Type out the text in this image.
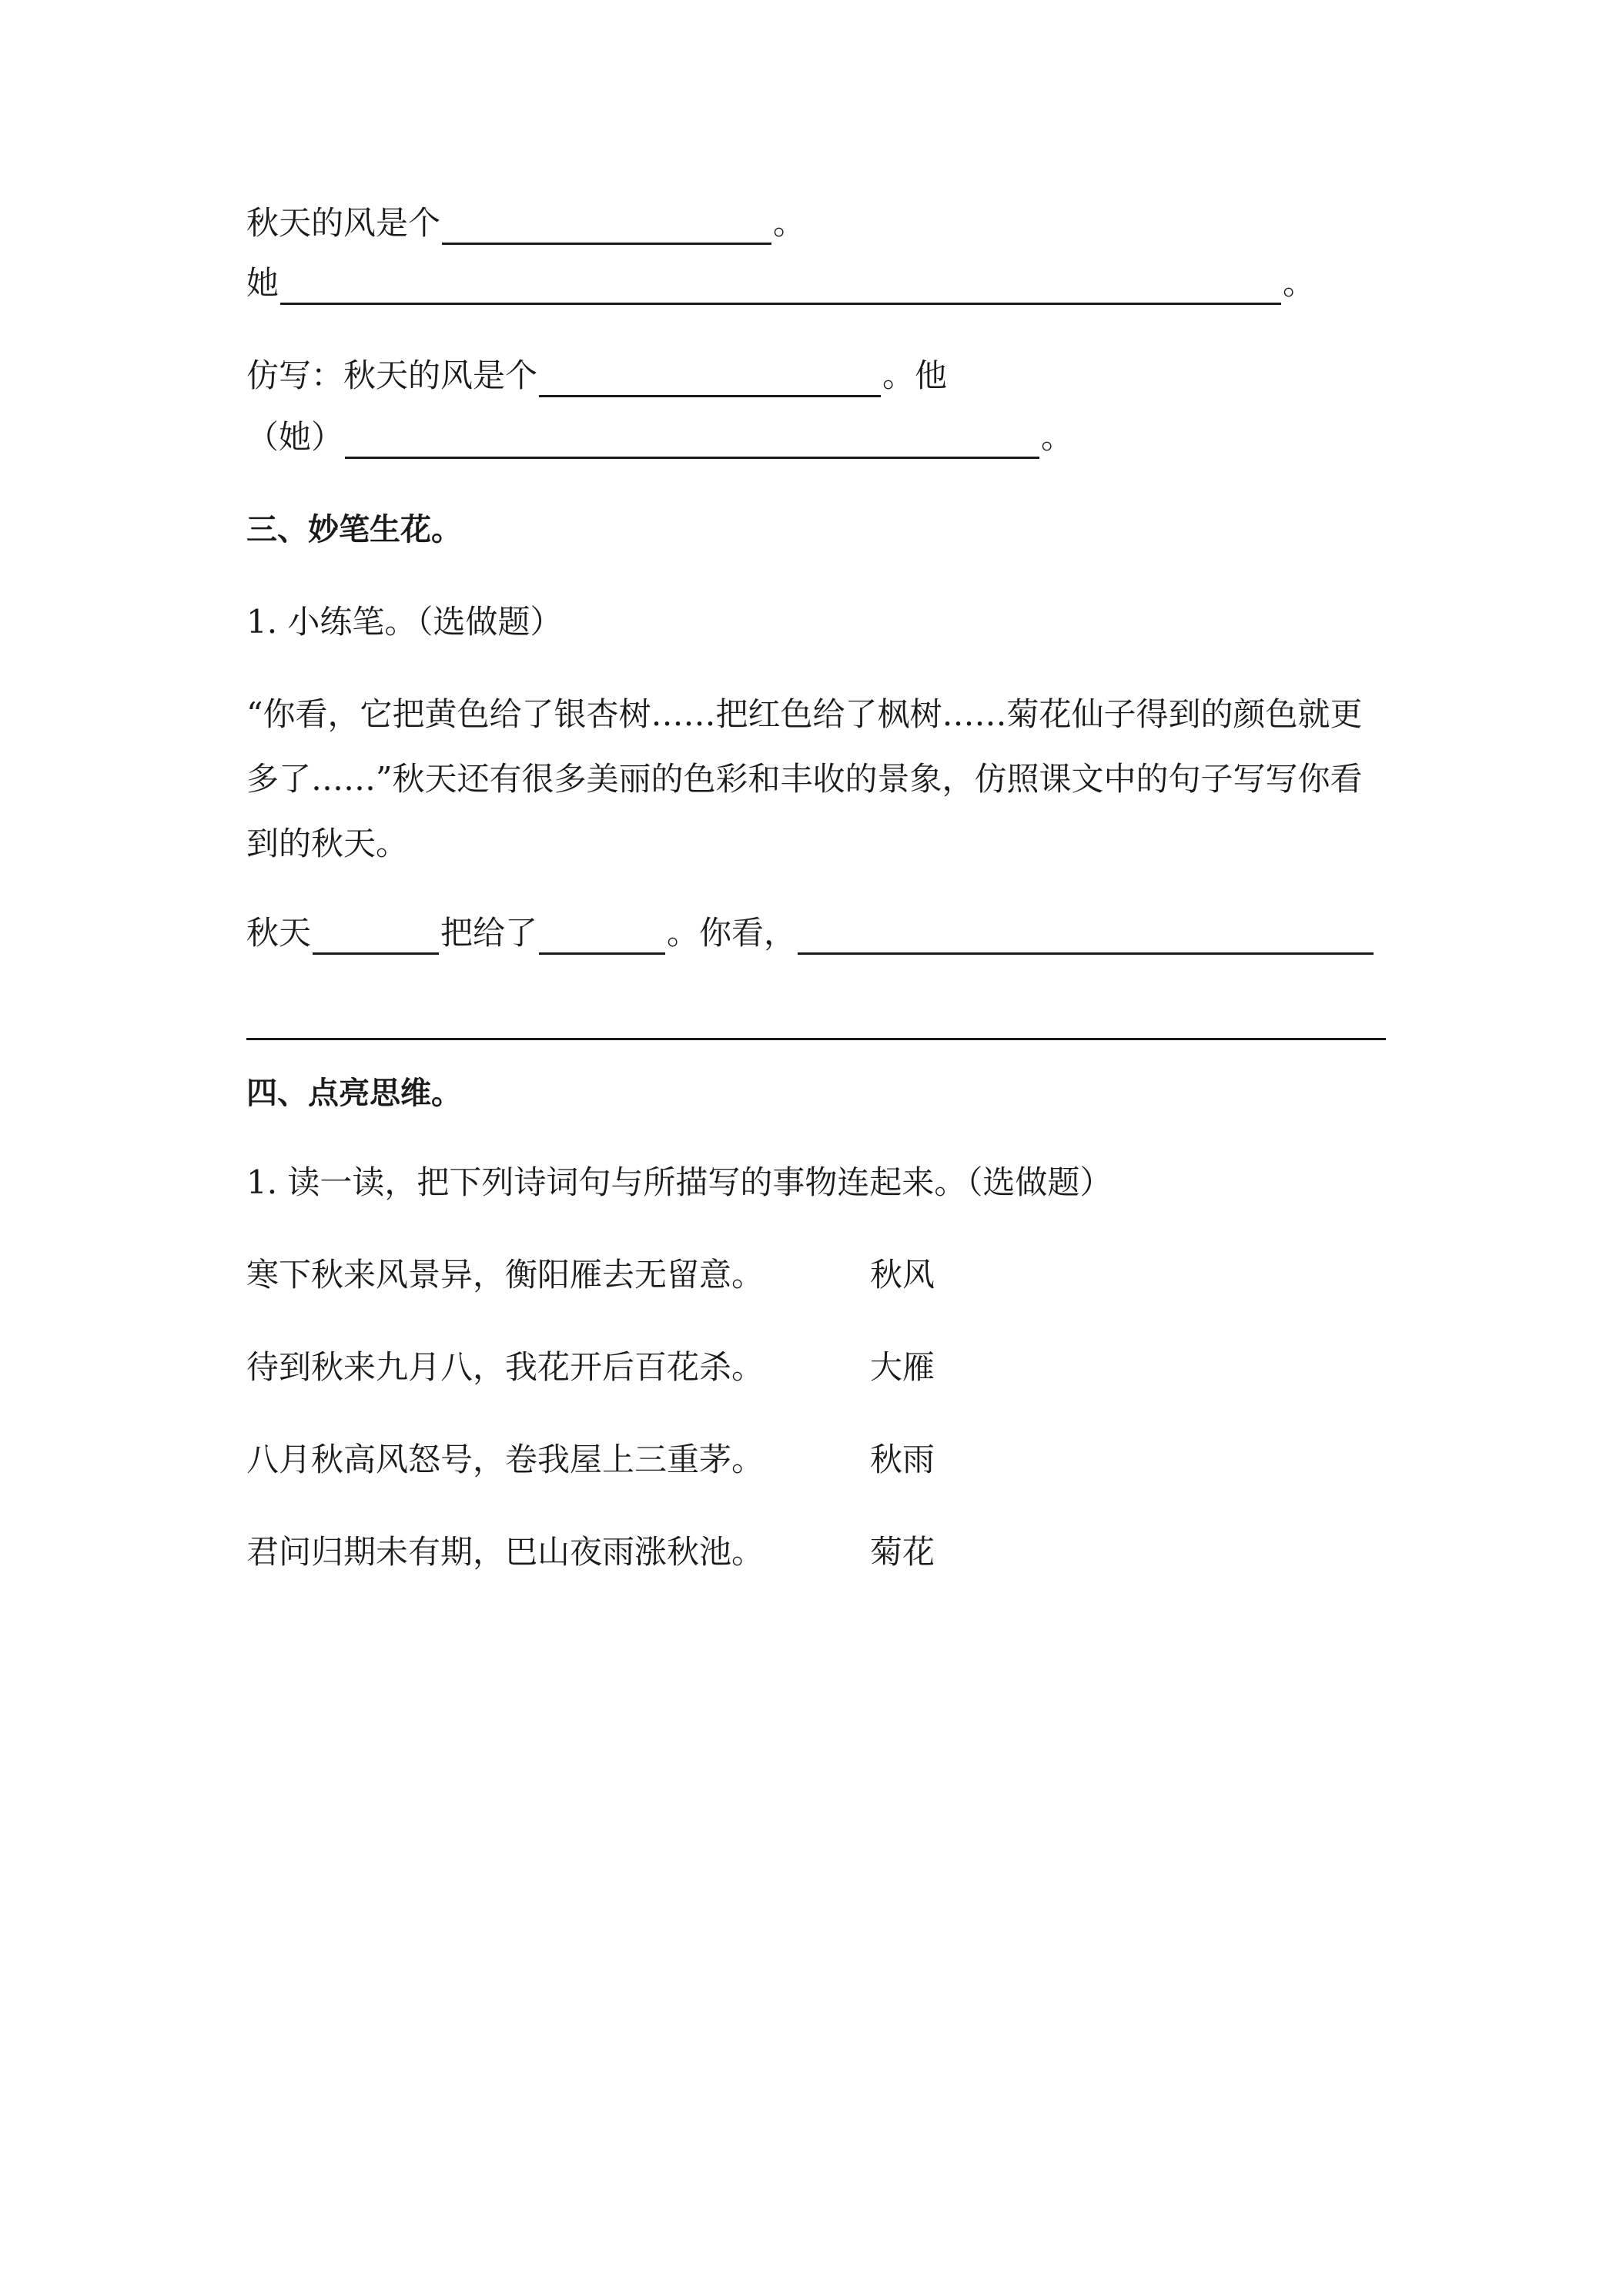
秋天的风是个	。
她	。
仿写：秋天的风是个	。他
（她）	。
三、妙笔生花。
1. 小练笔。（选做题）
“你看，它把黄色给了银杏树……把红色给了枫树……菊花仙子得到的颜色就更
多了……”秋天还有很多美丽的色彩和丰收的景象，仿照课文中的句子写写你看
到的秋天。
秋天	把给了	。你看，
四、点亮思维。
1. 读一读，把下列诗词句与所描写的事物连起来。（选做题）
寒下秋来风景异，衡阳雁去无留意。	秋风
待到秋来九月八，我花开后百花杀。	大雁
八月秋高风怒号，卷我屋上三重茅。	秋雨
君问归期未有期，巴山夜雨涨秋池。	菊花
